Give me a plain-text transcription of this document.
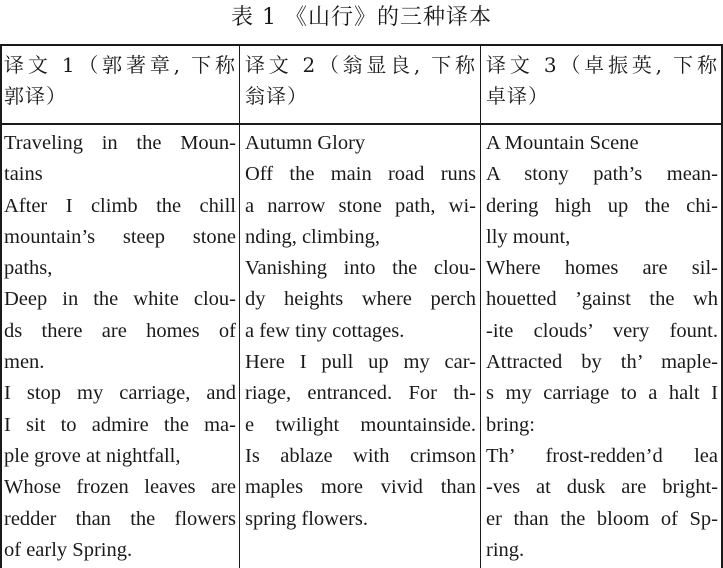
表 1 《山行》的三种译本
译文 1（郭著章, 下称
郭译）
译文 2（翁显良, 下称
翁译）
译文 3（卓振英, 下称
卓译）
Traveling in the Moun-
tains
After I climb the chill
mountain’s steep stone
paths,
Deep in the white clou-
ds there are homes of
men.
I stop my carriage, and
I sit to admire the ma-
ple grove at nightfall,
Whose frozen leaves are
redder than the flowers
of early Spring.
Autumn Glory
Off the main road runs
a narrow stone path, wi-
nding, climbing,
Vanishing into the clou-
dy heights where perch
a few tiny cottages.
Here I pull up my car-
riage, entranced. For th-
e twilight mountainside.
Is ablaze with crimson
maples more vivid than
spring flowers.
A Mountain Scene
A stony path’s mean-
dering high up the chi-
lly mount,
Where homes are sil-
houetted ’gainst the wh
-ite clouds’ very fount.
Attracted by th’ maple-
s my carriage to a halt I
bring:
Th’ frost-redden’d lea
-ves at dusk are bright-
er than the bloom of Sp-
ring.
